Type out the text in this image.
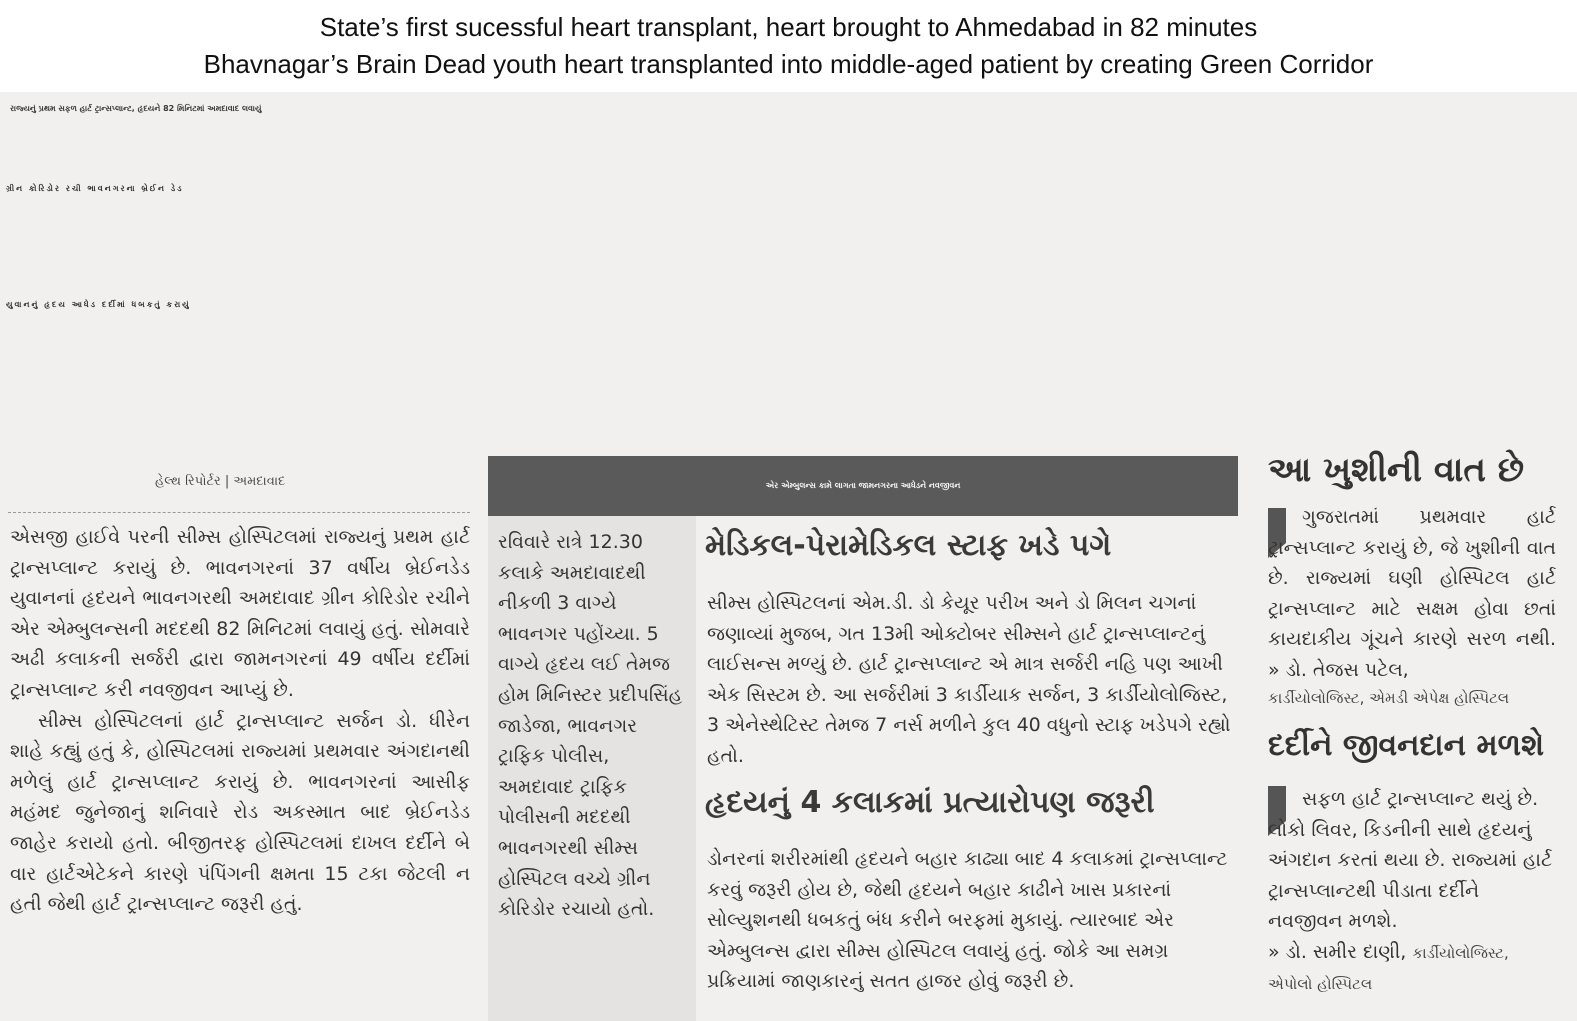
State’s first sucessful heart transplant, heart brought to Ahmedabad in 82 minutes
Bhavnagar’s Brain Dead youth heart transplanted into middle-aged patient by creating Green Corridor
રાજ્યનું પ્રથમ સફળ હાર્ટ ટ્રાન્સપ્લાન્ટ, હૃદયને 82 મિનિટમાં અમદાવાદ લવાયું
ગ્રીન કોરિડોર રચી ભાવનગરના બ્રેઈન ડેડ
યુવાનનું હૃદય આધેડ દર્દીમાં ધબકતું કરાયું
હેલ્થ રિપોર્ટર | અમદાવાદ

એસજી હાઈવે પરની સીમ્સ હોસ્પિટલમાં રાજ્યનું પ્રથમ હાર્ટ ટ્રાન્સપ્લાન્ટ કરાયું છે. ભાવનગરનાં 37 વર્ષીય બ્રેઈનડેડ યુવાનનાં હૃદયને ભાવનગરથી અમદાવાદ ગ્રીન કોરિડોર રચીને એર એમ્બુલન્સની મદદથી 82 મિનિટમાં લવાયું હતું. સોમવારે અઢી કલાકની સર્જરી દ્વારા જામનગરનાં 49 વર્ષીય દર્દીમાં ટ્રાન્સપ્લાન્ટ કરી નવજીવન આપ્યું છે.

સીમ્સ હોસ્પિટલનાં હાર્ટ ટ્રાન્સપ્લાન્ટ સર્જન ડો. ધીરેન શાહે કહ્યું હતું કે, હોસ્પિટલમાં રાજ્યમાં પ્રથમવાર અંગદાનથી મળેલું હાર્ટ ટ્રાન્સપ્લાન્ટ કરાયું છે. ભાવનગરનાં આસીફ મહંમદ જુનેજાનું શનિવારે રોડ અકસ્માત બાદ બ્રેઈનડેડ જાહેર કરાયો હતો. બીજીતરફ હોસ્પિટલમાં દાખલ દર્દીને બે વાર હાર્ટએટેકને કારણે પંપિંગની ક્ષમતા 15 ટકા જેટલી ન હતી જેથી હાર્ટ ટ્રાન્સપ્લાન્ટ જરૂરી હતું.

એર એમ્બુલન્સ કામે લાગતા જામનગરના આધેડને નવજીવન

રવિવારે રાત્રે 12.30 કલાકે અમદાવાદથી નીકળી 3 વાગ્યે ભાવનગર પહોંચ્યા. 5 વાગ્યે હૃદય લઈ તેમજ હોમ મિનિસ્ટર પ્રદીપસિંહ જાડેજા, ભાવનગર ટ્રાફિક પોલીસ, અમદાવાદ ટ્રાફિક પોલીસની મદદથી ભાવનગરથી સીમ્સ હોસ્પિટલ વચ્ચે ગ્રીન કોરિડોર રચાયો હતો.

મેડિકલ-પેરામેડિકલ સ્ટાફ ખડે પગે

સીમ્સ હોસ્પિટલનાં એમ.ડી. ડો કેયૂર પરીખ અને ડો મિલન ચગનાં જણાવ્યાં મુજબ, ગત 13મી ઓક્ટોબર સીમ્સને હાર્ટ ટ્રાન્સપ્લાન્ટનું લાઈસન્સ મળ્યું છે. હાર્ટ ટ્રાન્સપ્લાન્ટ એ માત્ર સર્જરી નહિ પણ આખી એક સિસ્ટમ છે. આ સર્જરીમાં 3 કાર્ડીયાક સર્જન, 3 કાર્ડીયોલોજિસ્ટ, 3 એનેસ્થેટિસ્ટ તેમજ 7 નર્સ મળીને કુલ 40 વધુનો સ્ટાફ ખડેપગે રહ્યો હતો.

હૃદયનું 4 કલાકમાં પ્રત્યારોપણ જરૂરી

ડોનરનાં શરીરમાંથી હૃદયને બહાર કાઢ્યા બાદ 4 કલાકમાં ટ્રાન્સપ્લાન્ટ કરવું જરૂરી હોય છે, જેથી હૃદયને બહાર કાઢીને ખાસ પ્રકારનાં સોલ્યુશનથી ધબકતું બંધ કરીને બરફમાં મુકાયું. ત્યારબાદ એર એમ્બુલન્સ દ્વારા સીમ્સ હોસ્પિટલ લવાયું હતું. જોકે આ સમગ્ર પ્રક્રિયામાં જાણકારનું સતત હાજર હોવું જરૂરી છે.

આ ખુશીની વાત છે

ગુજરાતમાં પ્રથમવાર હાર્ટ ટ્રાન્સપ્લાન્ટ કરાયું છે, જે ખુશીની વાત છે. રાજ્યમાં ઘણી હોસ્પિટલ હાર્ટ ટ્રાન્સપ્લાન્ટ માટે સક્ષમ હોવા છતાં કાયદાકીય ગૂંચને કારણે સરળ નથી. » ડો. તેજસ પટેલ,

કાર્ડીયોલોજિસ્ટ, એમડી એપેક્ષ હોસ્પિટલ

દર્દીને જીવનદાન મળશે

સફળ હાર્ટ ટ્રાન્સપ્લાન્ટ થયું છે. લોકો લિવર, કિડનીની સાથે હૃદયનું અંગદાન કરતાં થયા છે. રાજ્યમાં હાર્ટ ટ્રાન્સપ્લાન્ટથી પીડાતા દર્દીને નવજીવન મળશે.

» ડો. સમીર દાણી, કાર્ડીયોલોજિસ્ટ, એપોલો હોસ્પિટલ
